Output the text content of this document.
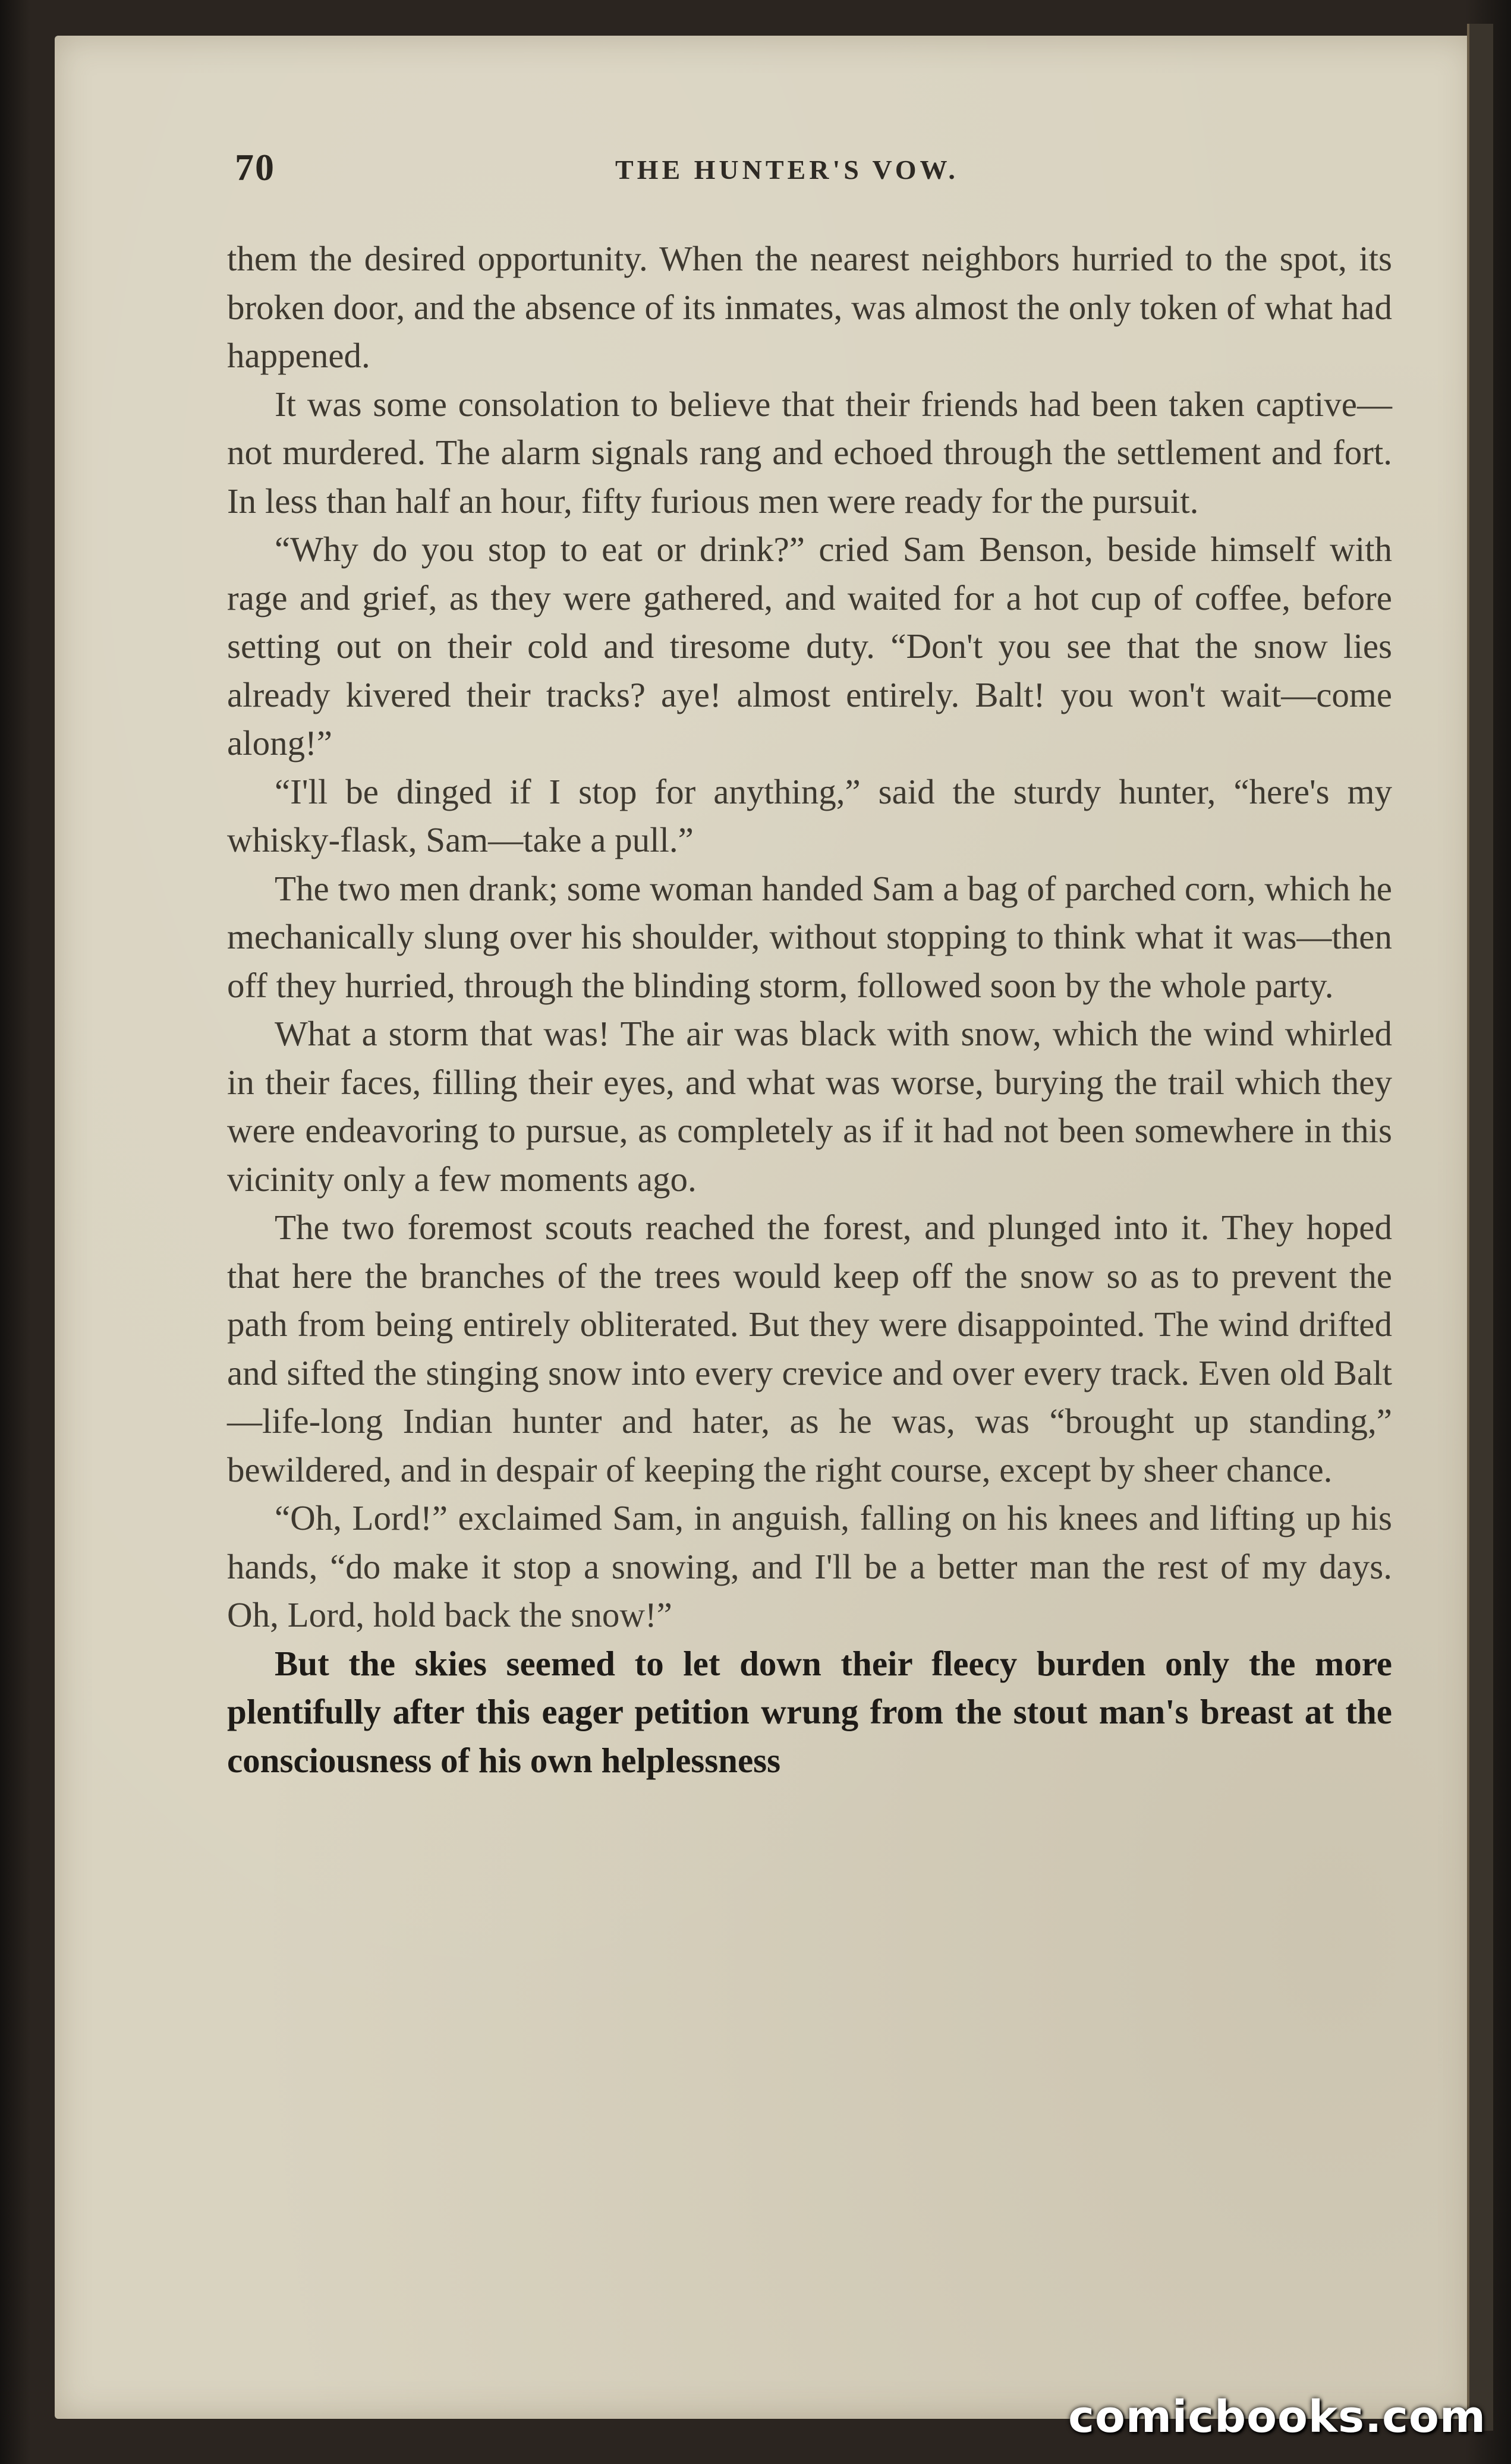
70	THE HUNTER'S VOW.

them the desired opportunity. When the nearest neighbors hurried to the spot, its broken door, and the absence of its inmates, was almost the only token of what had happened.

It was some consolation to believe that their friends had been taken captive—not murdered. The alarm signals rang and echoed through the settlement and fort. In less than half an hour, fifty furious men were ready for the pursuit.

“Why do you stop to eat or drink?” cried Sam Benson, beside himself with rage and grief, as they were gathered, and waited for a hot cup of coffee, before setting out on their cold and tiresome duty. “Don't you see that the snow lies already kivered their tracks? aye! almost entirely. Balt! you won't wait—come along!”

“I'll be dinged if I stop for anything,” said the sturdy hunter, “here's my whisky-flask, Sam—take a pull.”

The two men drank; some woman handed Sam a bag of parched corn, which he mechanically slung over his shoulder, without stopping to think what it was—then off they hurried, through the blinding storm, followed soon by the whole party.

What a storm that was! The air was black with snow, which the wind whirled in their faces, filling their eyes, and what was worse, burying the trail which they were endeavoring to pursue, as completely as if it had not been somewhere in this vicinity only a few moments ago.

The two foremost scouts reached the forest, and plunged into it. They hoped that here the branches of the trees would keep off the snow so as to prevent the path from being entirely obliterated. But they were disappointed. The wind drifted and sifted the stinging snow into every crevice and over every track. Even old Balt—life-long Indian hunter and hater, as he was, was “brought up standing,” bewildered, and in despair of keeping the right course, except by sheer chance.

“Oh, Lord!” exclaimed Sam, in anguish, falling on his knees and lifting up his hands, “do make it stop a snowing, and I'll be a better man the rest of my days. Oh, Lord, hold back the snow!”

But the skies seemed to let down their fleecy burden only the more plentifully after this eager petition wrung from the stout man's breast at the consciousness of his own helplessness

comicbooks.com
